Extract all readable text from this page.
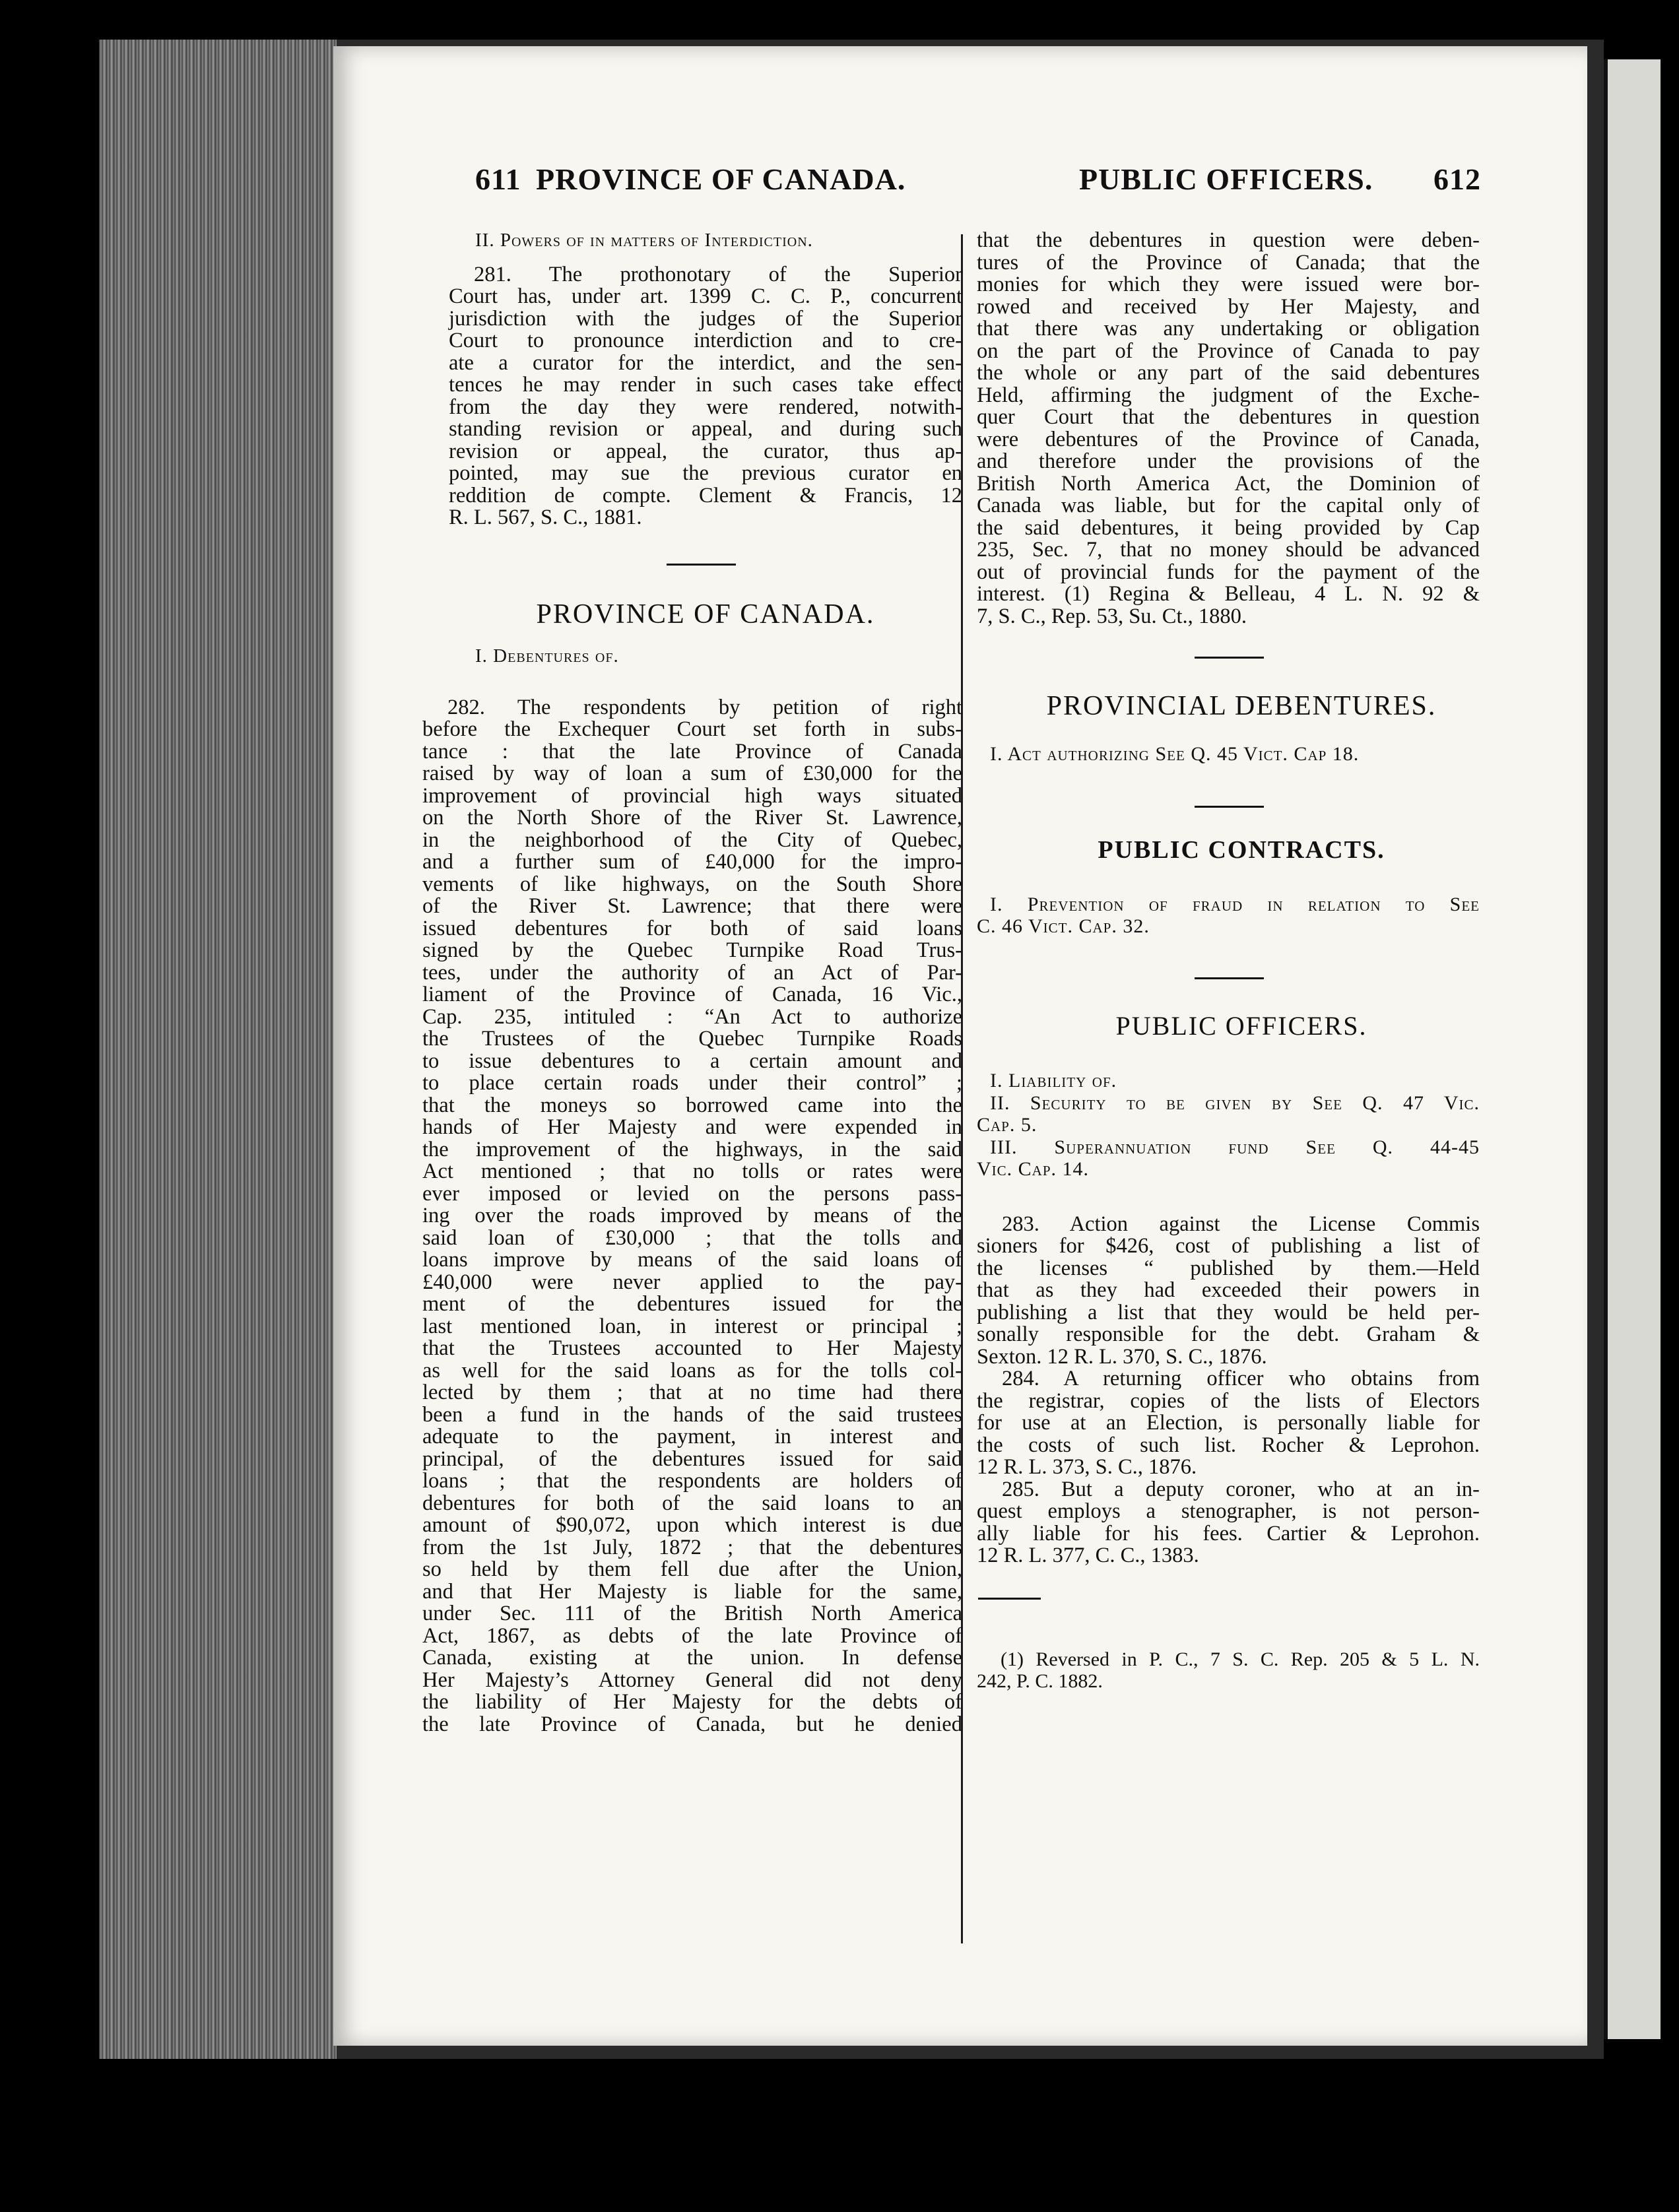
611 PROVINCE OF CANADA.	PUBLIC OFFICERS. 612
II. Powers of in matters of Interdiction.
281. The prothonotary of the Superior
Court has, under art. 1399 C. C. P., concurrent
jurisdiction with the judges of the Superior
Court to pronounce interdiction and to cre-
ate a curator for the interdict, and the sen-
tences he may render in such cases take effect
from the day they were rendered, notwith-
standing revision or appeal, and during such
revision or appeal, the curator, thus ap-
pointed, may sue the previous curator en
reddition de compte. Clement & Francis, 12
R. L. 567, S. C., 1881.
PROVINCE OF CANADA.
I. Debentures of.
282. The respondents by petition of right
before the Exchequer Court set forth in subs-
tance : that the late Province of Canada
raised by way of loan a sum of £30,000 for the
improvement of provincial high ways situated
on the North Shore of the River St. Lawrence,
in the neighborhood of the City of Quebec,
and a further sum of £40,000 for the impro-
vements of like highways, on the South Shore
of the River St. Lawrence; that there were
issued debentures for both of said loans
signed by the Quebec Turnpike Road Trus-
tees, under the authority of an Act of Par-
liament of the Province of Canada, 16 Vic.,
Cap. 235, intituled : “An Act to authorize
the Trustees of the Quebec Turnpike Roads
to issue debentures to a certain amount and
to place certain roads under their control” ;
that the moneys so borrowed came into the
hands of Her Majesty and were expended in
the improvement of the highways, in the said
Act mentioned ; that no tolls or rates were
ever imposed or levied on the persons pass-
ing over the roads improved by means of the
said loan of £30,000 ; that the tolls and
loans improve by means of the said loans of
£40,000 were never applied to the pay-
ment of the debentures issued for the
last mentioned loan, in interest or principal ;
that the Trustees accounted to Her Majesty
as well for the said loans as for the tolls col-
lected by them ; that at no time had there
been a fund in the hands of the said trustees
adequate to the payment, in interest and
principal, of the debentures issued for said
loans ; that the respondents are holders of
debentures for both of the said loans to an
amount of $90,072, upon which interest is due
from the 1st July, 1872 ; that the debentures
so held by them fell due after the Union,
and that Her Majesty is liable for the same,
under Sec. 111 of the British North America
Act, 1867, as debts of the late Province of
Canada, existing at the union. In defense
Her Majesty’s Attorney General did not deny
the liability of Her Majesty for the debts of
the late Province of Canada, but he denied
that the debentures in question were deben-
tures of the Province of Canada; that the
monies for which they were issued were bor-
rowed and received by Her Majesty, and
that there was any undertaking or obligation
on the part of the Province of Canada to pay
the whole or any part of the said debentures
Held, affirming the judgment of the Exche-
quer Court that the debentures in question
were debentures of the Province of Canada,
and therefore under the provisions of the
British North America Act, the Dominion of
Canada was liable, but for the capital only of
the said debentures, it being provided by Cap
235, Sec. 7, that no money should be advanced
out of provincial funds for the payment of the
interest. (1) Regina & Belleau, 4 L. N. 92 &
7, S. C., Rep. 53, Su. Ct., 1880.
PROVINCIAL DEBENTURES.
I. Act authorizing See Q. 45 Vict. Cap 18.
PUBLIC CONTRACTS.
I. Prevention of fraud in relation to See
C. 46 Vict. Cap. 32.
PUBLIC OFFICERS.
I. Liability of.
II. Security to be given by See Q. 47 Vic.
Cap. 5.
III. Superannuation fund See Q. 44-45
Vic. Cap. 14.
283. Action against the License Commis
sioners for $426, cost of publishing a list of
the licenses “ published by them.—Held
that as they had exceeded their powers in
publishing a list that they would be held per-
sonally responsible for the debt. Graham &
Sexton. 12 R. L. 370, S. C., 1876.
284. A returning officer who obtains from
the registrar, copies of the lists of Electors
for use at an Election, is personally liable for
the costs of such list. Rocher & Leprohon.
12 R. L. 373, S. C., 1876.
285. But a deputy coroner, who at an in-
quest employs a stenographer, is not person-
ally liable for his fees. Cartier & Leprohon.
12 R. L. 377, C. C., 1383.
(1) Reversed in P. C., 7 S. C. Rep. 205 & 5 L. N.
242, P. C. 1882.
